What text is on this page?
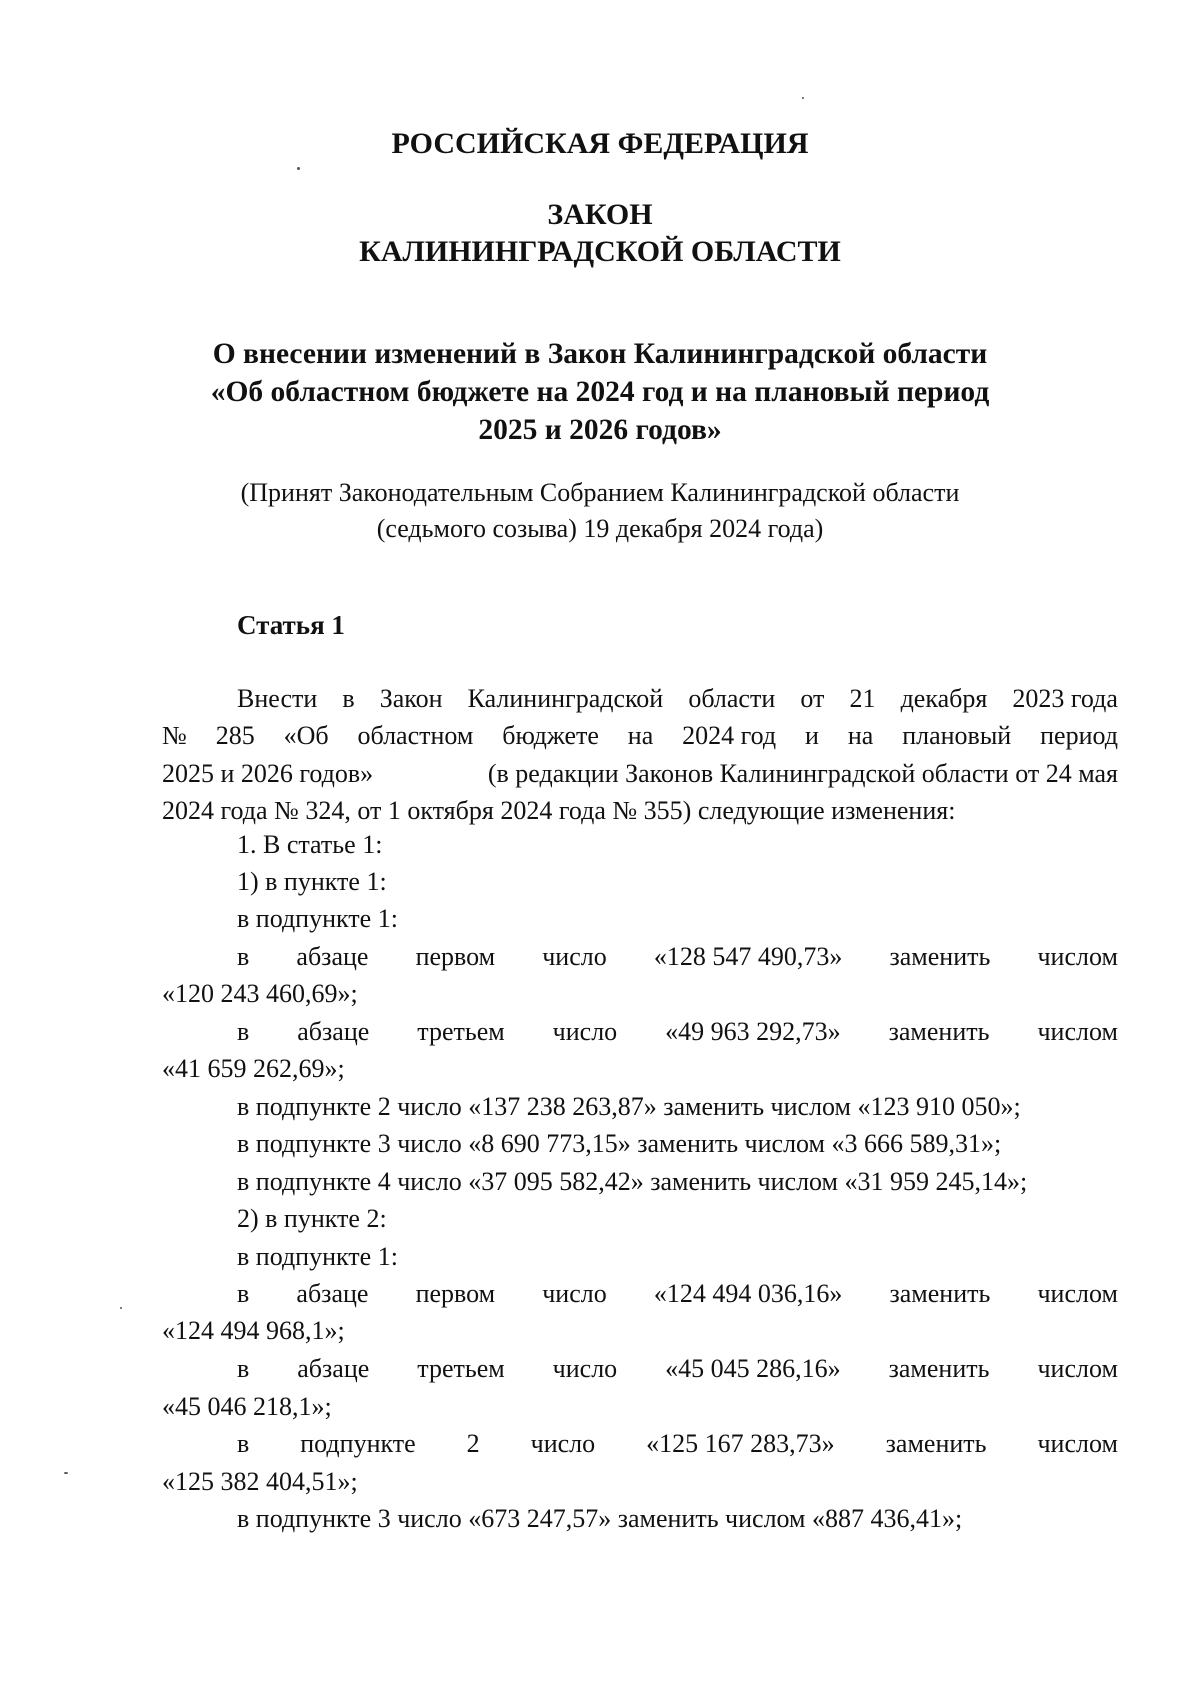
РОССИЙСКАЯ ФЕДЕРАЦИЯ
ЗАКОН
КАЛИНИНГРАДСКОЙ ОБЛАСТИ
О внесении изменений в Закон Калининградской области
«Об областном бюджете на 2024 год и на плановый период
2025 и 2026 годов»
(Принят Законодательным Собранием Калининградской области
(седьмого созыва) 19 декабря 2024 года)
Статья 1
Внести в Закон Калининградской области от 21 декабря 2023 года
№ 285 «Об областном бюджете на 2024 год и на плановый период
2025 и 2026 годов»	(в редакции Законов Калининградской области от 24 мая
2024 года № 324, от 1 октября 2024 года № 355) следующие изменения:
1. В статье 1:
1) в пункте 1:
в подпункте 1:
в абзаце первом число «128 547 490,73» заменить числом
«120 243 460,69»;
в абзаце третьем число «49 963 292,73» заменить числом
«41 659 262,69»;
в подпункте 2 число «137 238 263,87» заменить числом «123 910 050»;
в подпункте 3 число «8 690 773,15» заменить числом «3 666 589,31»;
в подпункте 4 число «37 095 582,42» заменить числом «31 959 245,14»;
2) в пункте 2:
в подпункте 1:
в абзаце первом число «124 494 036,16» заменить числом
«124 494 968,1»;
в абзаце третьем число «45 045 286,16» заменить числом
«45 046 218,1»;
в подпункте 2 число «125 167 283,73» заменить числом
«125 382 404,51»;
в подпункте 3 число «673 247,57» заменить числом «887 436,41»;
